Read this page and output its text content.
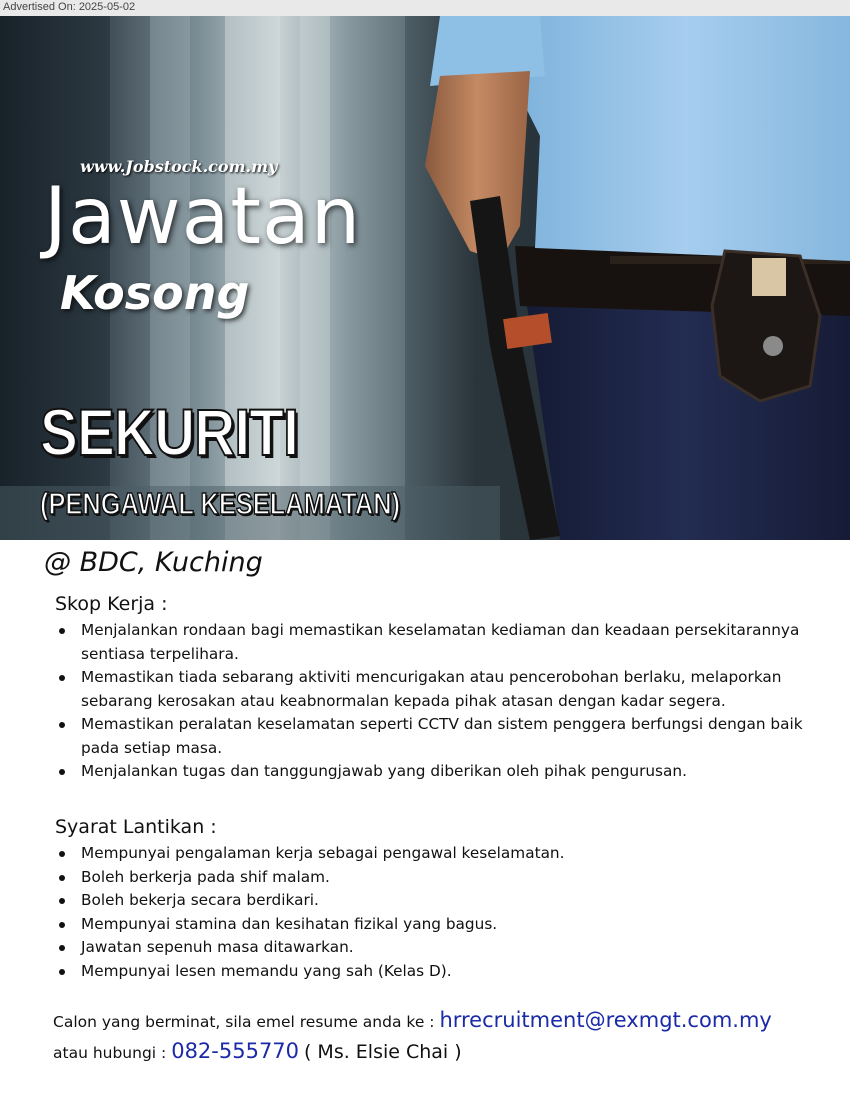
Advertised On: 2025-05-02
www.Jobstock.com.my
Jawatan
Kosong
SEKURITI
(PENGAWAL KESELAMATAN)
@ BDC, Kuching
Skop Kerja :
Menjalankan rondaan bagi memastikan keselamatan kediaman dan keadaan persekitarannya sentiasa terpelihara.
Memastikan tiada sebarang aktiviti mencurigakan atau pencerobohan berlaku, melaporkan sebarang kerosakan atau keabnormalan kepada pihak atasan dengan kadar segera.
Memastikan peralatan keselamatan seperti CCTV dan sistem penggera berfungsi dengan baik pada setiap masa.
Menjalankan tugas dan tanggungjawab yang diberikan oleh pihak pengurusan.
Syarat Lantikan :
Mempunyai pengalaman kerja sebagai pengawal keselamatan.
Boleh berkerja pada shif malam.
Boleh bekerja secara berdikari.
Mempunyai stamina dan kesihatan fizikal yang bagus.
Jawatan sepenuh masa ditawarkan.
Mempunyai lesen memandu yang sah (Kelas D).
Calon yang berminat, sila emel resume anda ke : hrrecruitment@rexmgt.com.my
atau hubungi : 082-555770 ( Ms. Elsie Chai )
